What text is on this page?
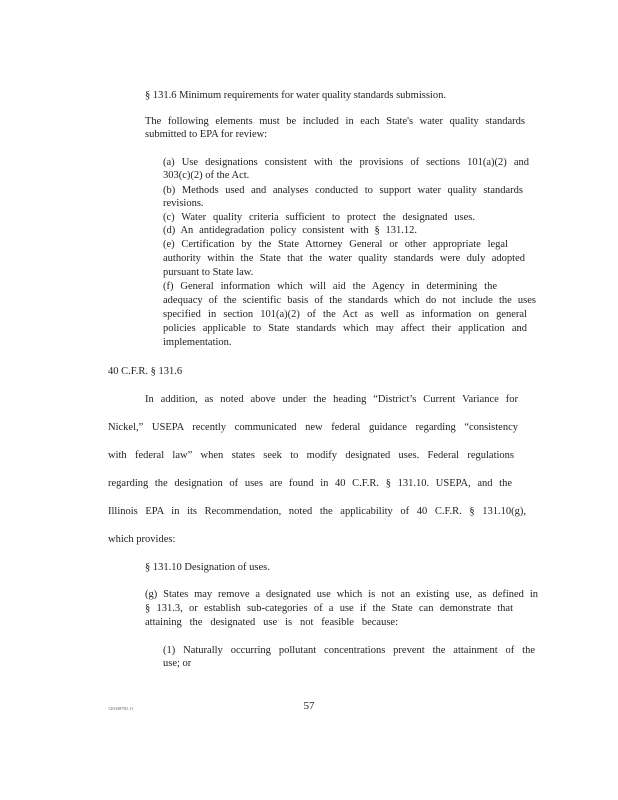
§ 131.6 Minimum requirements for water quality standards submission.
The following elements must be included in each State's water quality standards
submitted to EPA for review:
(a) Use designations consistent with the provisions of sections 101(a)(2) and
303(c)(2) of the Act.
(b) Methods used and analyses conducted to support water quality standards
revisions.
(c) Water quality criteria sufficient to protect the designated uses.
(d) An antidegradation policy consistent with § 131.12.
(e) Certification by the State Attorney General or other appropriate legal
authority within the State that the water quality standards were duly adopted
pursuant to State law.
(f) General information which will aid the Agency in determining the
adequacy of the scientific basis of the standards which do not include the uses
specified in section 101(a)(2) of the Act as well as information on general
policies applicable to State standards which may affect their application and
implementation.
40 C.F.R. § 131.6
In addition, as noted above under the heading “District’s Current Variance for
Nickel,” USEPA recently communicated new federal guidance regarding “consistency
with federal law” when states seek to modify designated uses. Federal regulations
regarding the designation of uses are found in 40 C.F.R. § 131.10. USEPA, and the
Illinois EPA in its Recommendation, noted the applicability of 40 C.F.R. § 131.10(g),
which provides:
§ 131.10 Designation of uses.
(g) States may remove a designated use which is not an existing use, as defined in
§ 131.3, or establish sub-categories of a use if the State can demonstrate that
attaining the designated use is not feasible because:
(1) Naturally occurring pollutant concentrations prevent the attainment of the
use; or
57
{20338781.1}
